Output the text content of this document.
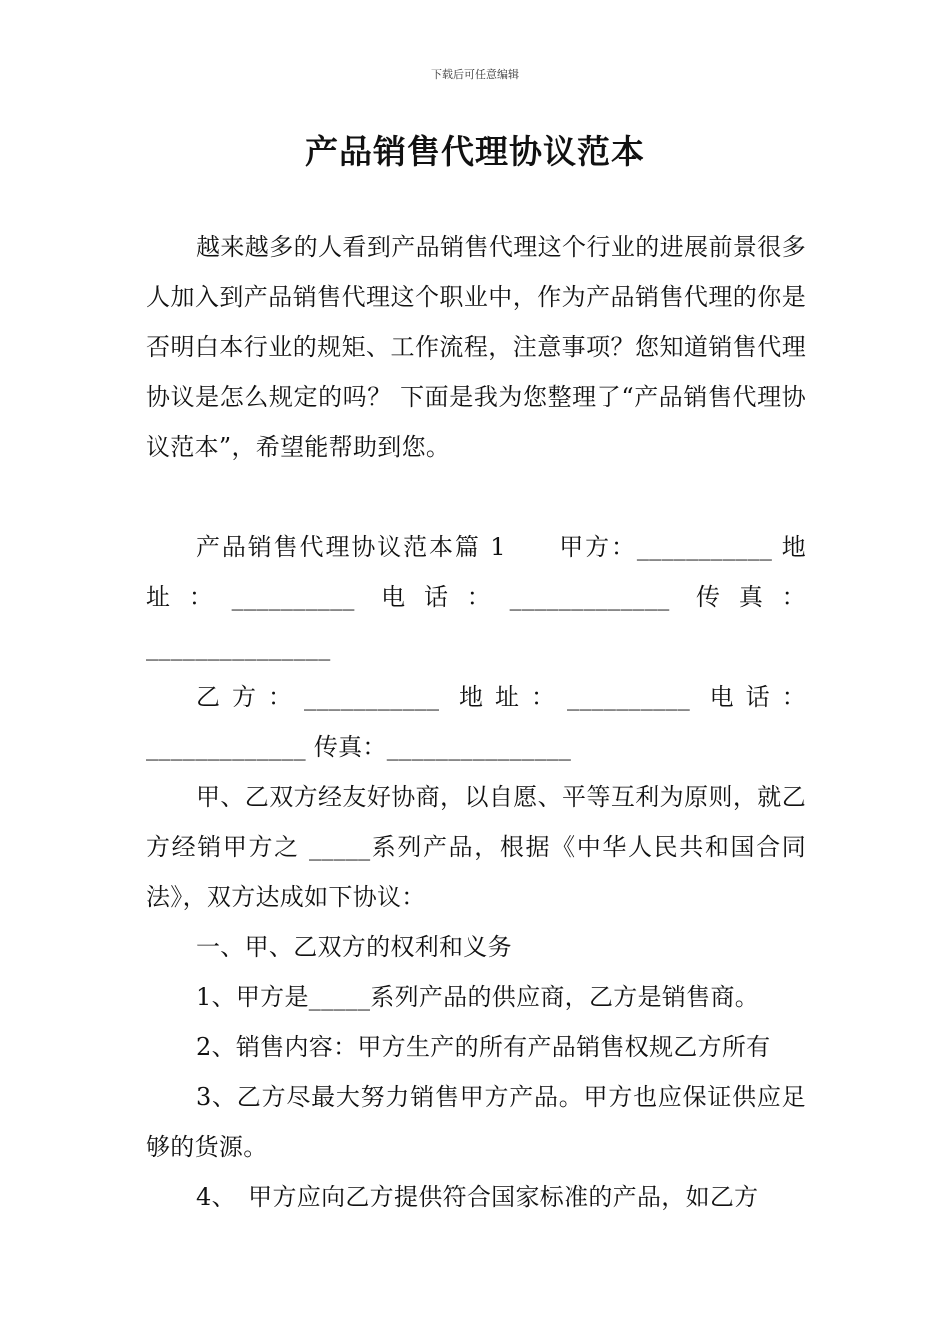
下载后可任意编辑
产品销售代理协议范本

越来越多的人看到产品销售代理这个行业的进展前景很多人加入到产品销售代理这个职业中，作为产品销售代理的你是否明白本行业的规矩、工作流程，注意事项？您知道销售代理协议是怎么规定的吗？ 下面是我为您整理了“产品销售代理协议范本”，希望能帮助到您。

产品销售代理协议范本篇 1　　甲方：___________ 地址：__________ 电话：_____________ 传真：_______________

乙方：___________ 地址：__________ 电话：_____________ 传真：_______________

甲、乙双方经友好协商，以自愿、平等互利为原则，就乙方经销甲方之 _____系列产品，根据《中华人民共和国合同法》，双方达成如下协议：

一、甲、乙双方的权利和义务

1、甲方是_____系列产品的供应商，乙方是销售商。

2、销售内容：甲方生产的所有产品销售权规乙方所有

3、乙方尽最大努力销售甲方产品。甲方也应保证供应足够的货源。

4、　甲方应向乙方提供符合国家标准的产品，如乙方
